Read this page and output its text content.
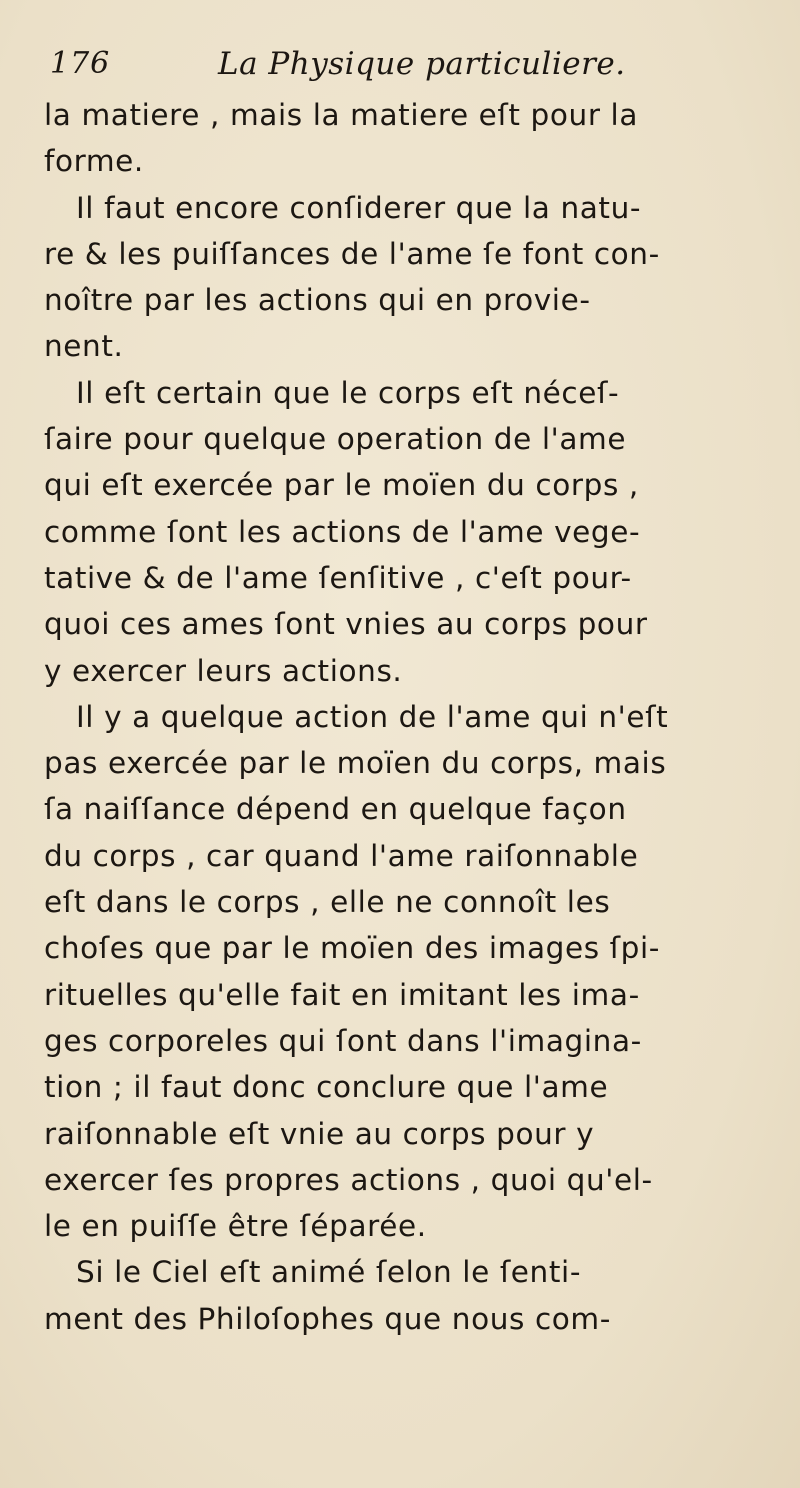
176	La Physique particuliere.
la matiere , mais la matiere eſt pour la
forme.
Il faut encore conſiderer que la natu-
re & les puiſſances de l'ame ſe font con-
noître par les actions qui en provie-
nent.
Il eſt certain que le corps eſt néceſ-
ſaire pour quelque operation de l'ame
qui eſt exercée par le moïen du corps ,
comme ſont les actions de l'ame vege-
tative & de l'ame ſenſitive , c'eſt pour-
quoi ces ames ſont vnies au corps pour
y exercer leurs actions.
Il y a quelque action de l'ame qui n'eſt
pas exercée par le moïen du corps, mais
ſa naiſſance dépend en quelque façon
du corps , car quand l'ame raiſonnable
eſt dans le corps , elle ne connoît les
choſes que par le moïen des images ſpi-
rituelles qu'elle fait en imitant les ima-
ges corporeles qui ſont dans l'imagina-
tion ; il faut donc conclure que l'ame
raiſonnable eſt vnie au corps pour y
exercer ſes propres actions , quoi qu'el-
le en puiſſe être ſéparée.
Si le Ciel eſt animé ſelon le ſenti-
ment des Philoſophes que nous com-
